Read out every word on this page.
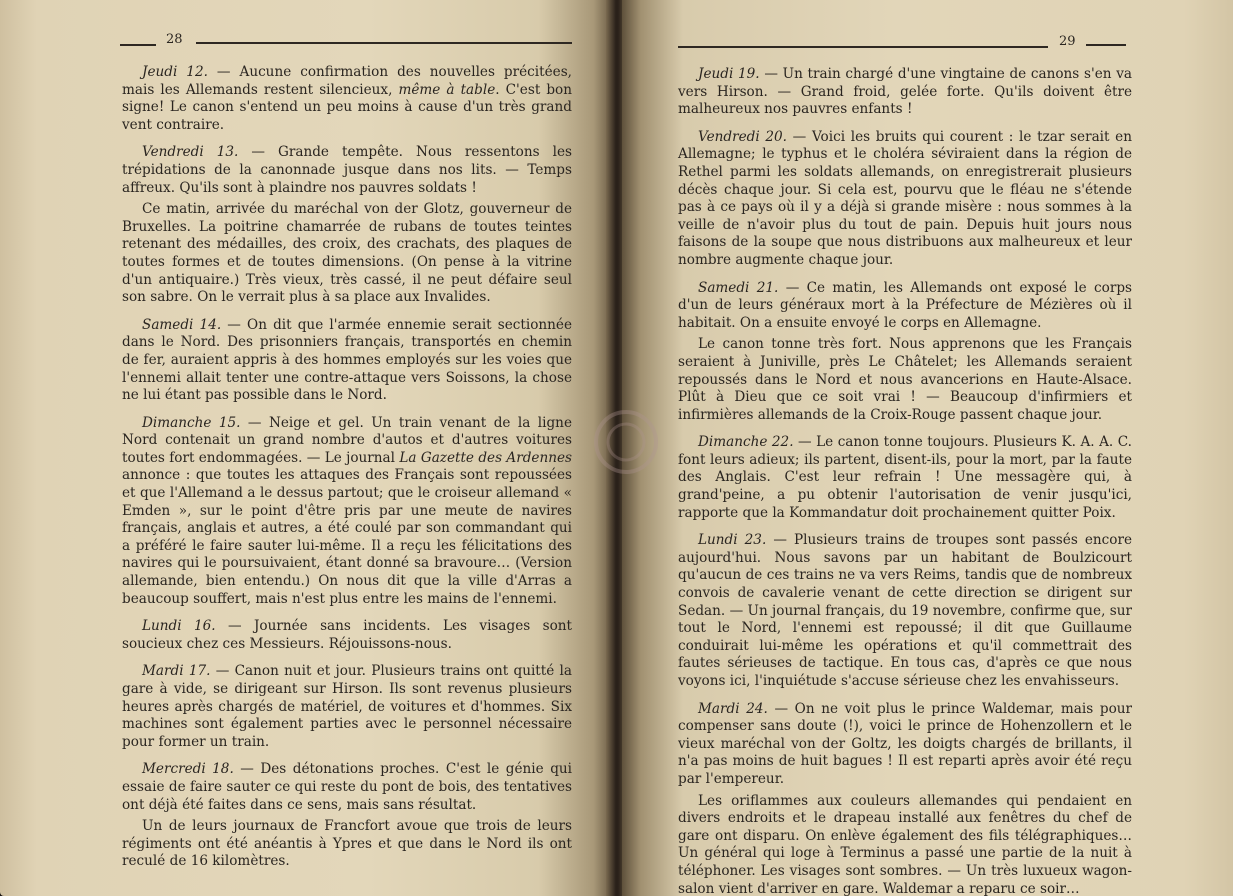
28

Jeudi 12. — Aucune confirmation des nouvelles précitées, mais les Allemands restent silencieux, même à table. C'est bon signe! Le canon s'entend un peu moins à cause d'un très grand vent contraire.

Vendredi 13. — Grande tempête. Nous ressentons les trépidations de la canonnade jusque dans nos lits. — Temps affreux. Qu'ils sont à plaindre nos pauvres soldats !

Ce matin, arrivée du maréchal von der Glotz, gouverneur de Bruxelles. La poitrine chamarrée de rubans de toutes teintes retenant des médailles, des croix, des crachats, des plaques de toutes formes et de toutes dimensions. (On pense à la vitrine d'un antiquaire.) Très vieux, très cassé, il ne peut défaire seul son sabre. On le verrait plus à sa place aux Invalides.

Samedi 14. — On dit que l'armée ennemie serait sectionnée dans le Nord. Des prisonniers français, transportés en chemin de fer, auraient appris à des hommes employés sur les voies que l'ennemi allait tenter une contre-attaque vers Soissons, la chose ne lui étant pas possible dans le Nord.

Dimanche 15. — Neige et gel. Un train venant de la ligne Nord contenait un grand nombre d'autos et d'autres voitures toutes fort endommagées. — Le journal La Gazette des Ardennes annonce : que toutes les attaques des Français sont repoussées et que l'Allemand a le dessus partout; que le croiseur allemand « Emden », sur le point d'être pris par une meute de navires français, anglais et autres, a été coulé par son commandant qui a préféré le faire sauter lui-même. Il a reçu les félicitations des navires qui le poursuivaient, étant donné sa bravoure… (Version allemande, bien entendu.) On nous dit que la ville d'Arras a beaucoup souffert, mais n'est plus entre les mains de l'ennemi.

Lundi 16. — Journée sans incidents. Les visages sont soucieux chez ces Messieurs. Réjouissons-nous.

Mardi 17. — Canon nuit et jour. Plusieurs trains ont quitté la gare à vide, se dirigeant sur Hirson. Ils sont revenus plusieurs heures après chargés de matériel, de voitures et d'hommes. Six machines sont également parties avec le personnel nécessaire pour former un train.

Mercredi 18. — Des détonations proches. C'est le génie qui essaie de faire sauter ce qui reste du pont de bois, des tentatives ont déjà été faites dans ce sens, mais sans résultat.

Un de leurs journaux de Francfort avoue que trois de leurs régiments ont été anéantis à Ypres et que dans le Nord ils ont reculé de 16 kilomètres.

29

Jeudi 19. — Un train chargé d'une vingtaine de canons s'en va vers Hirson. — Grand froid, gelée forte. Qu'ils doivent être malheureux nos pauvres enfants !

Vendredi 20. — Voici les bruits qui courent : le tzar serait en Allemagne; le typhus et le choléra sévіraient dans la région de Rethel parmi les soldats allemands, on enregistrerait plusieurs décès chaque jour. Si cela est, pourvu que le fléau ne s'étende pas à ce pays où il y a déjà si grande misère : nous sommes à la veille de n'avoir plus du tout de pain. Depuis huit jours nous faisons de la soupe que nous distribuons aux malheureux et leur nombre augmente chaque jour.

Samedi 21. — Ce matin, les Allemands ont exposé le corps d'un de leurs généraux mort à la Préfecture de Mézières où il habitait. On a ensuite envoyé le corps en Allemagne.

Le canon tonne très fort. Nous apprenons que les Français seraient à Juniville, près Le Châtelet; les Allemands seraient repoussés dans le Nord et nous avancerions en Haute-Alsace. Plût à Dieu que ce soit vrai ! — Beaucoup d'infirmiers et infirmières allemands de la Croix-Rouge passent chaque jour.

Dimanche 22. — Le canon tonne toujours. Plusieurs K. A. A. C. font leurs adieux; ils partent, disent-ils, pour la mort, par la faute des Anglais. C'est leur refrain ! Une messagère qui, à grand'peine, a pu obtenir l'autorisation de venir jusqu'ici, rapporte que la Kommandatur doit prochainement quitter Poix.

Lundi 23. — Plusieurs trains de troupes sont passés encore aujourd'hui. Nous savons par un habitant de Boulzicourt qu'aucun de ces trains ne va vers Reims, tandis que de nombreux convois de cavalerie venant de cette direction se dirigent sur Sedan. — Un journal français, du 19 novembre, confirme que, sur tout le Nord, l'ennemi est repoussé; il dit que Guillaume conduirait lui-même les opérations et qu'il commettrait des fautes sérieuses de tactique. En tous cas, d'après ce que nous voyons ici, l'inquiétude s'accuse sérieuse chez les envahisseurs.

Mardi 24. — On ne voit plus le prince Waldemar, mais pour compenser sans doute (!), voici le prince de Hohenzollern et le vieux maréchal von der Goltz, les doigts chargés de brillants, il n'a pas moins de huit bagues ! Il est reparti après avoir été reçu par l'empereur.

Les oriflammes aux couleurs allemandes qui pendaient en divers endroits et le drapeau installé aux fenêtres du chef de gare ont disparu. On enlève également des fils télégraphiques… Un général qui loge à Terminus a passé une partie de la nuit à téléphoner. Les visages sont sombres. — Un très luxueux wagon-salon vient d'arriver en gare. Waldemar a reparu ce soir…
